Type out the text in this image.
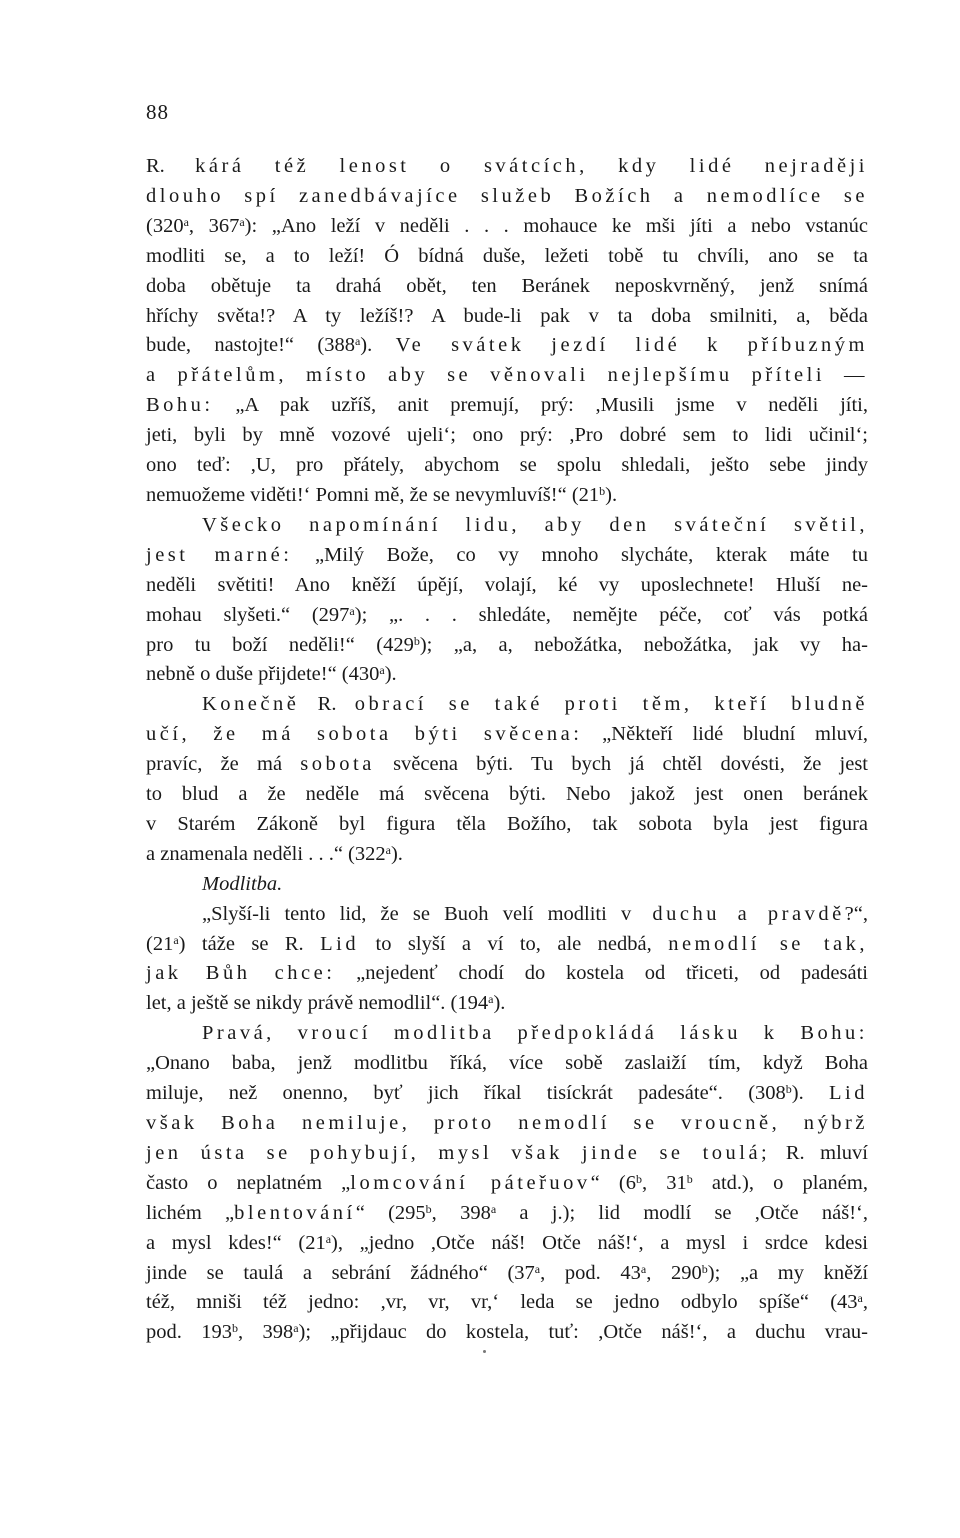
88
R. kárá též lenost o svátcích, kdy lidé nejraději
dlouho spí zanedbávajíce služeb Božích a nemodlíce se
(320$^a$, 367$^a$): „Ano leží v neděli . . . mohauce ke mši jíti a nebo vstanúc
modliti se, a to leží! Ó bídná duše, ležeti tobě tu chvíli, ano se ta
doba obětuje ta drahá obět, ten Beránek neposkvrněný, jenž snímá
hříchy světa!? A ty ležíš!? A bude-li pak v ta doba smilniti, a, běda
bude, nastojte!“ (388$^a$). Ve svátek jezdí lidé k příbuzným
a přátelům, místo aby se věnovali nejlepšímu příteli —
Bohu: „A pak uzříš, anit premují, prý: ,Musili jsme v neděli jíti,
jeti, byli by mně vozové ujeli‘; ono prý: ,Pro dobré sem to lidi učinil‘;
ono teď: ,U, pro přátely, abychom se spolu shledali, ješto sebe jindy
nemuožeme viděti!‘ Pomni mě, že se nevymluvíš!“ (21$^b$).
Všecko napomínání lidu, aby den sváteční světil,
jest marné: „Milý Bože, co vy mnoho slycháte, kterak máte tu
neděli světiti! Ano kněží úpějí, volají, ké vy uposlechnete! Hluší ne-
mohau slyšeti.“ (297$^a$); „. . . shledáte, nemějte péče, coť vás potká
pro tu boží neděli!“ (429$^b$); „a, a, nebožátka, nebožátka, jak vy ha-
nebně o duše přijdete!“ (430$^a$).
Konečně R. obrací se také proti těm, kteří bludně
učí, že má sobota býti svěcena: „Někteří lidé bludní mluví,
pravíc, že má sobota svěcena býti. Tu bych já chtěl dovésti, že jest
to blud a že neděle má svěcena býti. Nebo jakož jest onen beránek
v Starém Zákoně byl figura těla Božího, tak sobota byla jest figura
a znamenala neděli . . .“ (322$^a$).
Modlitba.
„Slyší-li tento lid, že se Buoh velí modliti v duchu a pravdě?“,
(21$^a$) táže se R. Lid to slyší a ví to, ale nedbá, nemodlí se tak,
jak Bůh chce: „nejedenť chodí do kostela od třiceti, od padesáti
let, a ještě se nikdy právě nemodlil“. (194$^a$).
Pravá, vroucí modlitba předpokládá lásku k Bohu:
„Onano baba, jenž modlitbu říká, více sobě zaslaiží tím, když Boha
miluje, než onenno, byť jich říkal tisíckrát padesáte“. (308$^b$). Lid
však Boha nemiluje, proto nemodlí se vroucně, nýbrž
jen ústa se pohybují, mysl však jinde se toulá; R. mluví
často o neplatném „lomcování páteřuov“ (6$^b$, 31$^b$ atd.), o planém,
lichém „blentování“ (295$^b$, 398$^a$ a j.); lid modlí se ,Otče náš!‘,
a mysl kdes!“ (21$^a$), „jedno ,Otče náš! Otče náš!‘, a mysl i srdce kdesi
jinde se taulá a sebrání žádného“ (37$^a$, pod. 43$^a$, 290$^b$); „a my kněží
též, mniši též jedno: ,vr, vr, vr,‘ leda se jedno odbylo spíše“ (43$^a$,
pod. 193$^b$, 398$^a$); „přijdauc do kostela, tuť: ,Otče náš!‘, a duchu vrau-
